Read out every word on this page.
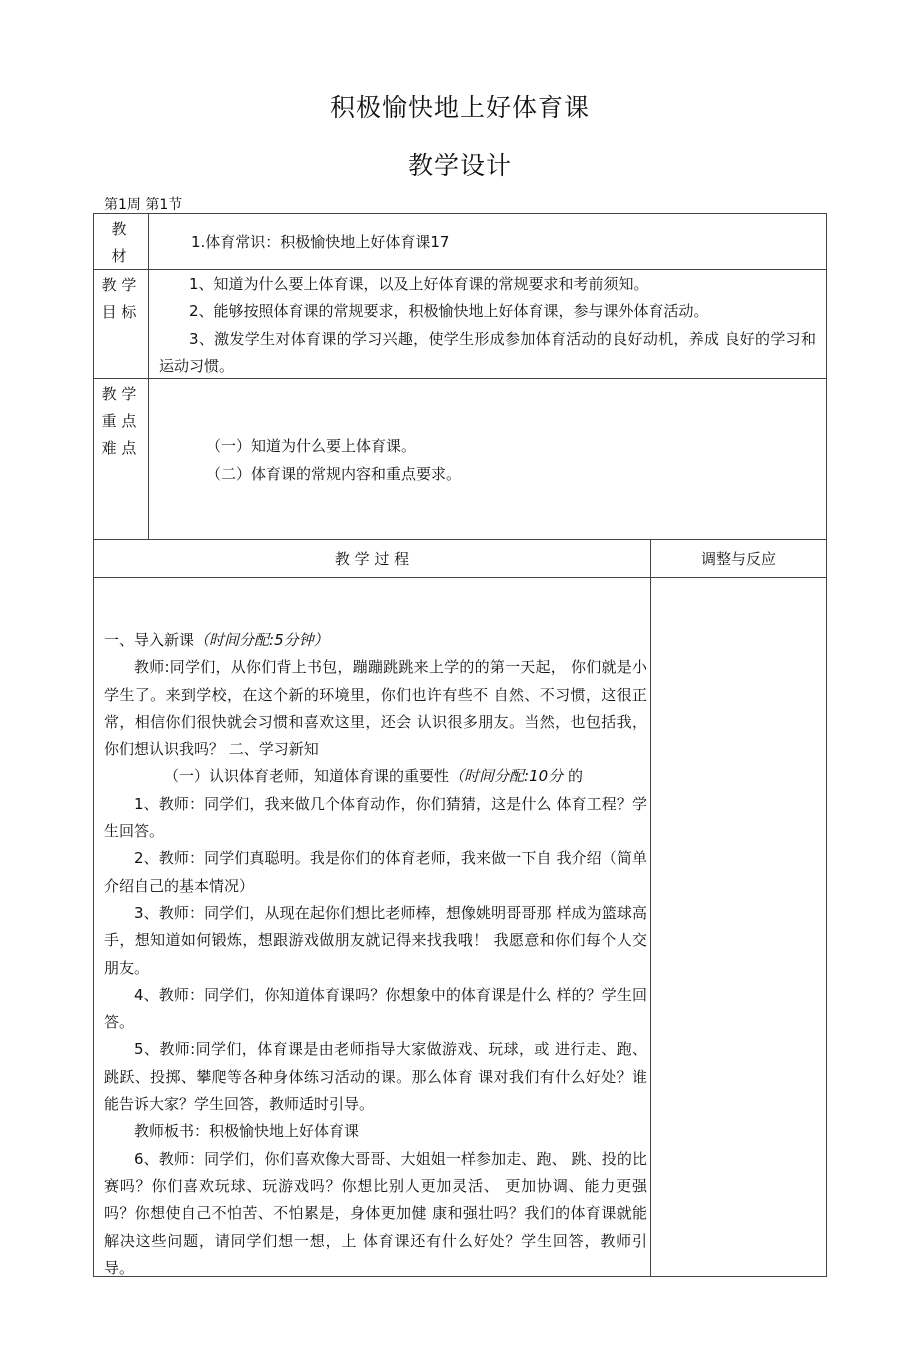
积极愉快地上好体育课
教学设计
第1周 第1节
教
材
1.体育常识：积极愉快地上好体育课17
教 学
目 标

1、知道为什么要上体育课，以及上好体育课的常规要求和考前须知。

2、能够按照体育课的常规要求，积极愉快地上好体育课，参与课外体育活动。

3、激发学生对体育课的学习兴趣，使学生形成参加体育活动的良好动机，养成 良好的学习和运动习惯。

教 学
重 点
难 点	（一）知道为什么要上体育课。
（二）体育课的常规内容和重点要求。
教 学 过 程	调整与反应

一、导入新课（时间分配:5分钟）

教师:同学们，从你们背上书包，蹦蹦跳跳来上学的的第一天起， 你们就是小学生了。来到学校，在这个新的环境里，你们也许有些不 自然、不习惯，这很正常，相信你们很快就会习惯和喜欢这里，还会 认识很多朋友。当然，也包括我，你们想认识我吗？ 二、学习新知

（一）认识体育老师，知道体育课的重要性（时间分配:10分 的

1、教师：同学们，我来做几个体育动作，你们猜猜，这是什么 体育工程？学生回答。

2、教师：同学们真聪明。我是你们的体育老师，我来做一下自 我介绍（简单介绍自己的基本情况）

3、教师：同学们，从现在起你们想比老师棒，想像姚明哥哥那 样成为篮球高手，想知道如何锻炼，想跟游戏做朋友就记得来找我哦！ 我愿意和你们每个人交朋友。

4、教师：同学们，你知道体育课吗？你想象中的体育课是什么 样的？学生回答。

5、教师:同学们，体育课是由老师指导大家做游戏、玩球，或 进行走、跑、跳跃、投掷、攀爬等各种身体练习活动的课。那么体育 课对我们有什么好处？谁能告诉大家？学生回答，教师适时引导。

教师板书：积极愉快地上好体育课

6、教师：同学们，你们喜欢像大哥哥、大姐姐一样参加走、跑、 跳、投的比赛吗？你们喜欢玩球、玩游戏吗？你想比别人更加灵活、 更加协调、能力更强吗？你想使自己不怕苦、不怕累是，身体更加健 康和强壮吗？我们的体育课就能解决这些问题，请同学们想一想，上 体育课还有什么好处？学生回答，教师引导。
